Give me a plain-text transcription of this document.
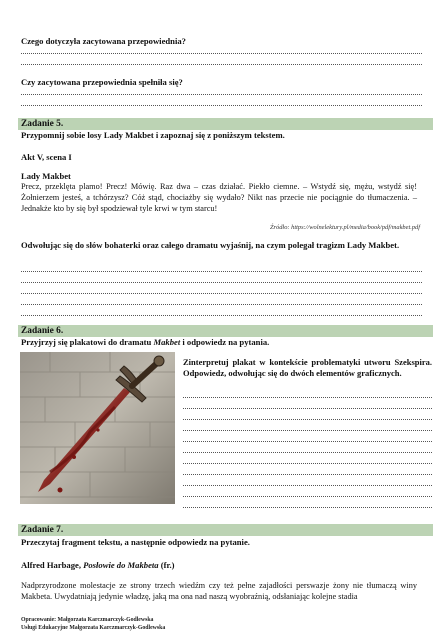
Czego dotyczyła zacytowana przepowiednia?
Czy zacytowana przepowiednia spełniła się?
Zadanie 5.
Przypomnij sobie losy Lady Makbet i zapoznaj się z poniższym tekstem.
Akt V, scena I
Lady Makbet
Precz, przeklęta plamo! Precz! Mówię. Raz dwa – czas działać. Piekło ciemne. – Wstydź się, mężu, wstydź się! Żołnierzem jesteś, a tchórzysz? Cóż stąd, chociażby się wydało? Nikt nas przecie nie pociągnie do tłumaczenia. – Jednakże kto by się był spodziewał tyle krwi w tym starcu!
Źródło: https://wolnelektury.pl/media/book/pdf/makbet.pdf
Odwołując się do słów bohaterki oraz całego dramatu wyjaśnij, na czym polegał tragizm Lady Makbet.
Zadanie 6.
Przyjrzyj się plakatowi do dramatu Makbet i odpowiedz na pytania.
Zinterpretuj plakat w kontekście problematyki utworu Szekspira. Odpowiedz, odwołując się do dwóch elementów graficznych.
Zadanie 7.
Przeczytaj fragment tekstu, a następnie odpowiedz na pytanie.
Alfred Harbage, Posłowie do Makbeta (fr.)
Nadprzyrodzone molestacje ze strony trzech wiedźm czy też pełne zajadłości perswazje żony nie tłumaczą winy Makbeta. Uwydatniają jedynie władzę, jaką ma ona nad naszą wyobraźnią, odsłaniając kolejne stadia
Opracowanie: Małgorzata Karczmarczyk-Godlewska
Usługi Edukacyjne Małgorzata Karczmarczyk-Godlewska
